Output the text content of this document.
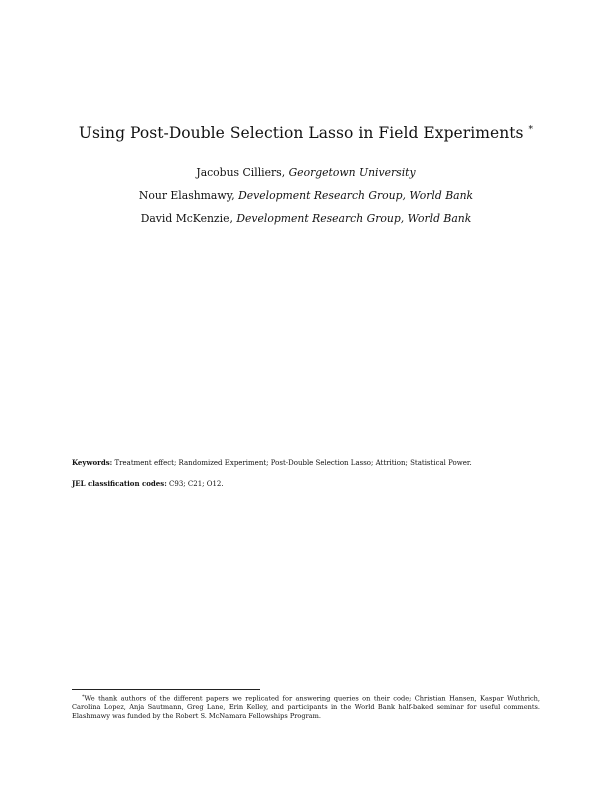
Using Post-Double Selection Lasso in Field Experiments *
Jacobus Cilliers, Georgetown University
Nour Elashmawy, Development Research Group, World Bank
David McKenzie, Development Research Group, World Bank
Keywords: Treatment effect; Randomized Experiment; Post-Double Selection Lasso; Attrition; Statistical Power.
JEL classification codes: C93; C21; O12.
*We thank authors of the different papers we replicated for answering queries on their code; Christian Hansen, Kaspar Wuthrich, Carolina Lopez, Anja Sautmann, Greg Lane, Erin Kelley, and participants in the World Bank half-baked seminar for useful comments. Elashmawy was funded by the Robert S. McNamara Fellowships Program.
